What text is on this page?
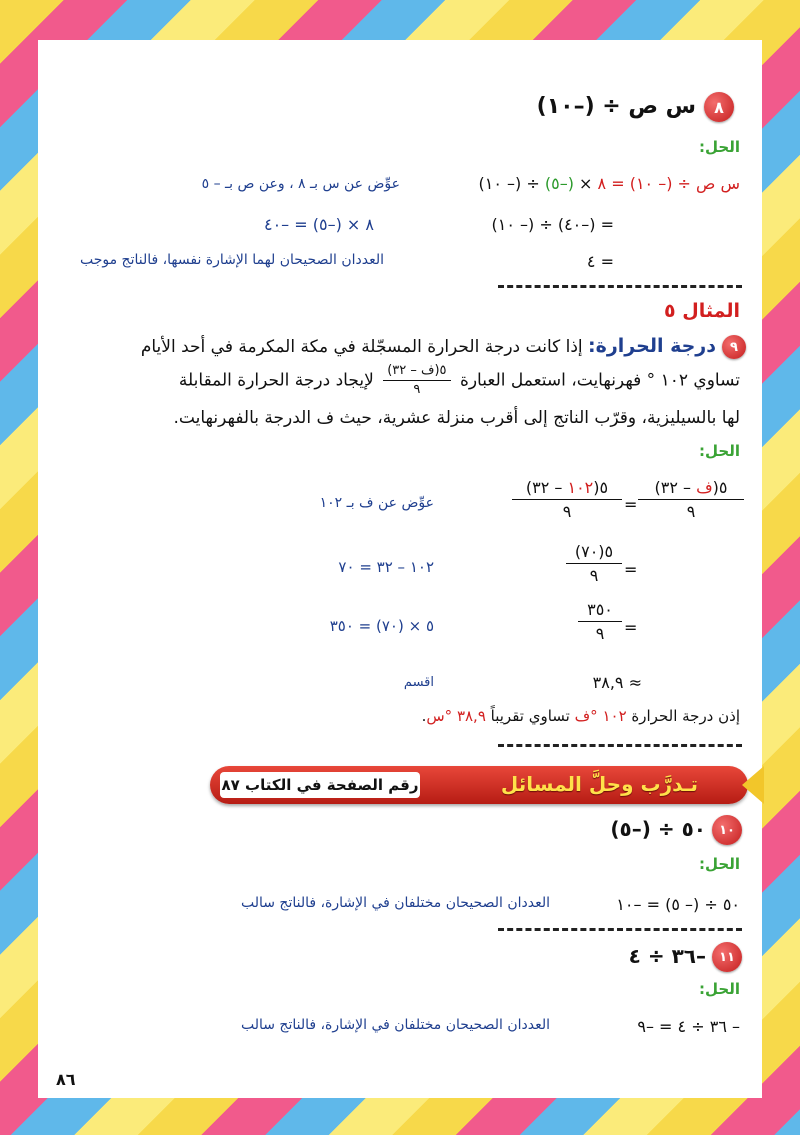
٨
س ص ÷ (–١٠)
الحل:
س ص ÷ (– ١٠) = ٨ × (–٥) ÷ (– ١٠)
عوِّض عن س بـ ٨ ، وعن ص بـ – ٥
= (–٤٠) ÷ (– ١٠)
٨ × (–٥) = –٤٠
= ٤
العددان الصحيحان لهما الإشارة نفسها، فالناتج موجب
المثال ٥
٩
درجة الحرارة: إذا كانت درجة الحرارة المسجّلة في مكة المكرمة في أحد الأيام
تساوي ١٠٢ ° فهرنهايت، استعمل العبارة
$\frac{\text{٥(ف – ٣٢)}}{٩}$
لإيجاد درجة الحرارة المقابلة
لها بالسيليزية، وقرّب الناتج إلى أقرب منزلة عشرية، حيث ف الدرجة بالفهرنهايت.
الحل:
٥(ف – ٣٢)
٩
=
٥(١٠٢ – ٣٢)
٩
عوِّض عن ف بـ ١٠٢
=
٥(٧٠)
٩
١٠٢ – ٣٢ = ٧٠
=
٣٥٠
٩
٥ × (٧٠) = ٣٥٠
≈ ٣٨,٩
اقسم
إذن درجة الحرارة ١٠٢ °ف تساوي تقريباً ٣٨,٩ °س.
تـدرَّب وحلَّ المسائل
رقم الصفحة في الكتاب ٨٧
١٠
٥٠ ÷ (–٥)
الحل:
٥٠ ÷ (– ٥) = –١٠
العددان الصحيحان مختلفان في الإشارة، فالناتج سالب
١١
–٣٦ ÷ ٤
الحل:
– ٣٦ ÷ ٤ = –٩
العددان الصحيحان مختلفان في الإشارة، فالناتج سالب
٨٦
